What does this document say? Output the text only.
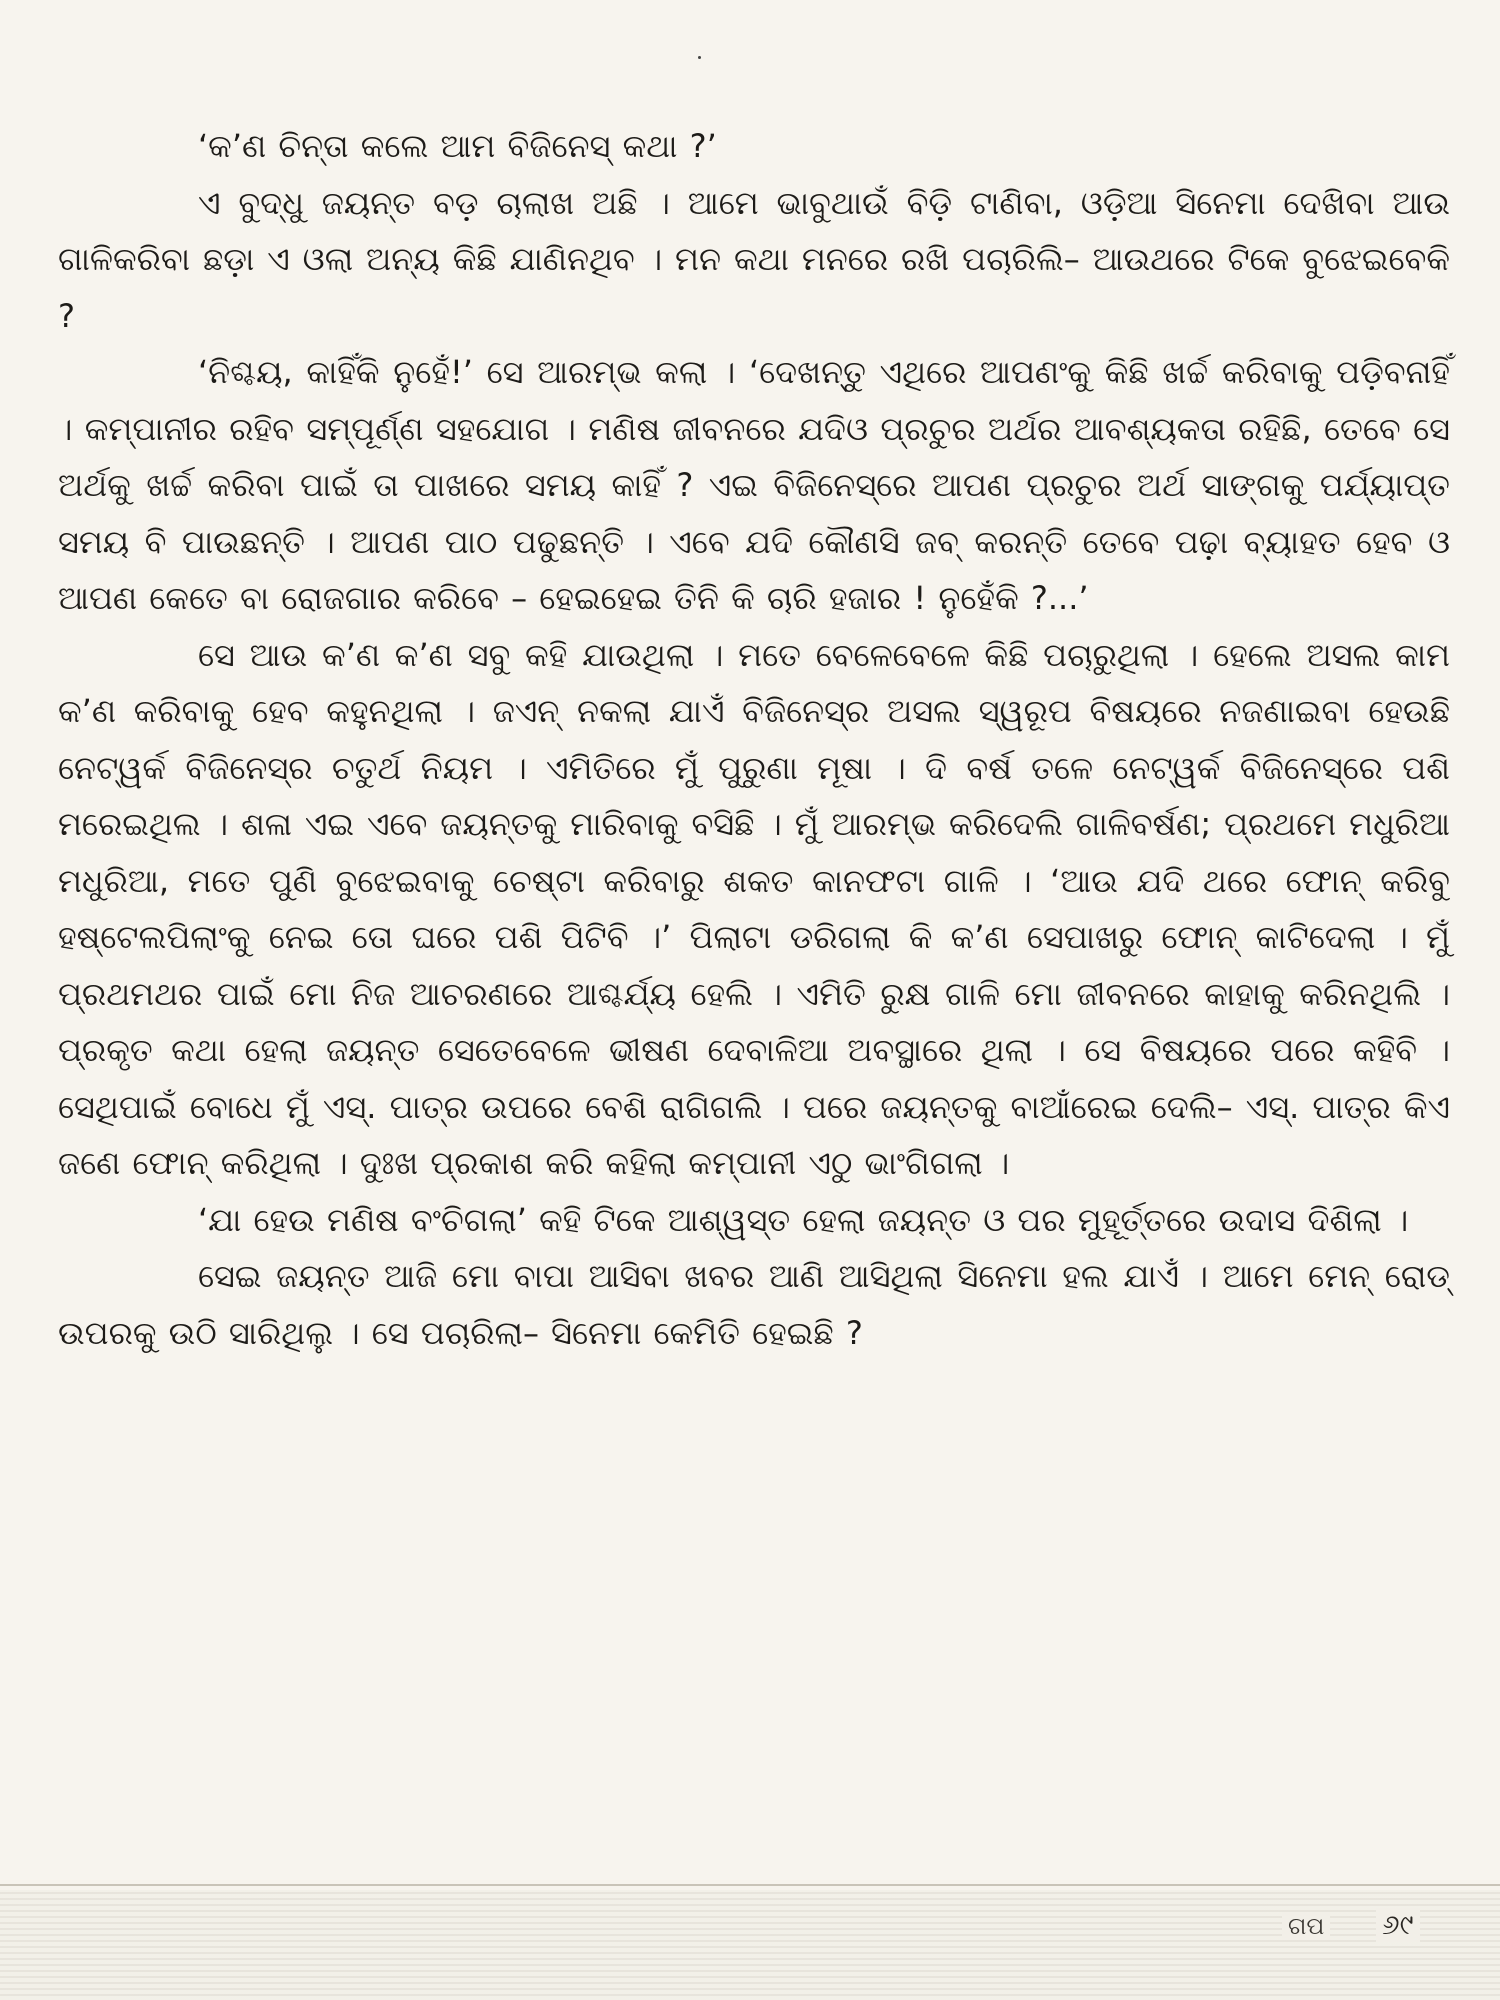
‘କ’ଣ ଚିନ୍ତା କଲେ ଆମ ବିଜିନେସ୍ କଥା ?’

ଏ ବୁଦ୍ଧୁ ଜୟନ୍ତ ବଡ଼ ଚାଲାଖ ଅଛି । ଆମେ ଭାବୁଥାଉଁ ବିଡ଼ି ଟାଣିବା, ଓଡ଼ିଆ ସିନେମା ଦେଖିବା ଆଉ ଗାଳିକରିବା ଛଡ଼ା ଏ ଓଲା ଅନ୍ୟ କିଛି ଯାଣିନଥିବ । ମନ କଥା ମନରେ ରଖି ପଚାରିଲି– ଆଉଥରେ ଟିକେ ବୁଝେଇବେକି ?

‘ନିଶ୍ଚୟ, କାହିଁକି ନୁହେଁ!’ ସେ ଆରମ୍ଭ କଲା । ‘ଦେଖନ୍ତୁ ଏଥିରେ ଆପଣଂକୁ କିଛି ଖର୍ଚ୍ଚ କରିବାକୁ ପଡ଼ିବନାହିଁ । କମ୍ପାନୀର ରହିବ ସମ୍ପୂର୍ଣ୍ଣ ସହଯୋଗ । ମଣିଷ ଜୀବନରେ ଯଦିଓ ପ୍ରଚୁର ଅର୍ଥର ଆବଶ୍ୟକତା ରହିଛି, ତେବେ ସେ ଅର୍ଥକୁ ଖର୍ଚ୍ଚ କରିବା ପାଇଁ ତା ପାଖରେ ସମୟ କାହିଁ ? ଏଇ ବିଜିନେସ୍‌ରେ ଆପଣ ପ୍ରଚୁର ଅର୍ଥ ସାଙ୍ଗକୁ ପର୍ଯ୍ୟାପ୍ତ ସମୟ ବି ପାଉଛନ୍ତି । ଆପଣ ପାଠ ପଢୁଛନ୍ତି । ଏବେ ଯଦି କୌଣସି ଜବ୍ କରନ୍ତି ତେବେ ପଢ଼ା ବ୍ୟାହତ ହେବ ଓ ଆପଣ କେତେ ବା ରୋଜଗାର କରିବେ – ହେଇହେଇ ତିନି କି ଚାରି ହଜାର ! ନୁହେଁକି ?...’

ସେ ଆଉ କ’ଣ କ’ଣ ସବୁ କହି ଯାଉଥିଲା । ମତେ ବେଳେବେଳେ କିଛି ପଚାରୁଥିଲା । ହେଲେ ଅସଲ କାମ କ’ଣ କରିବାକୁ ହେବ କହୁନଥିଲା । ଜଏନ୍ ନକଲା ଯାଏଁ ବିଜିନେସ୍‌ର ଅସଲ ସ୍ୱରୂପ ବିଷୟରେ ନଜଣାଇବା ହେଉଛି ନେଟ୍‌ୱର୍କ ବିଜିନେସ୍‌ର ଚତୁର୍ଥ ନିୟମ । ଏମିତିରେ ମୁଁ ପୁରୁଣା ମୂଷା । ଦି ବର୍ଷ ତଳେ ନେଟ୍‌ୱର୍କ ବିଜିନେସ୍‌ରେ ପଶି ମରେଇଥିଲ । ଶଳା ଏଇ ଏବେ ଜୟନ୍ତକୁ ମାରିବାକୁ ବସିଛି । ମୁଁ ଆରମ୍ଭ କରିଦେଲି ଗାଳିବର୍ଷଣ; ପ୍ରଥମେ ମଧୁରିଆ ମଧୁରିଆ, ମତେ ପୁଣି ବୁଝେଇବାକୁ ଚେଷ୍ଟା କରିବାରୁ ଶକତ କାନଫଟା ଗାଳି । ‘ଆଉ ଯଦି ଥରେ ଫୋନ୍ କରିବୁ ହଷ୍ଟେଲପିଲାଂକୁ ନେଇ ତୋ ଘରେ ପଶି ପିଟିବି ।’ ପିଲାଟା ଡରିଗଲା କି କ’ଣ ସେପାଖରୁ ଫୋନ୍ କାଟିଦେଲା । ମୁଁ ପ୍ରଥମଥର ପାଇଁ ମୋ ନିଜ ଆଚରଣରେ ଆଶ୍ଚର୍ଯ୍ୟ ହେଲି । ଏମିତି ରୁକ୍ଷ ଗାଳି ମୋ ଜୀବନରେ କାହାକୁ କରିନଥିଲି । ପ୍ରକୃତ କଥା ହେଲା ଜୟନ୍ତ ସେତେବେଳେ ଭୀଷଣ ଦେବାଳିଆ ଅବସ୍ଥାରେ ଥିଲା । ସେ ବିଷୟରେ ପରେ କହିବି । ସେଥିପାଇଁ ବୋଧେ ମୁଁ ଏସ୍. ପାତ୍ର ଉପରେ ବେଶି ରାଗିଗଲି । ପରେ ଜୟନ୍ତକୁ ବାଆଁରେଇ ଦେଲି– ଏସ୍. ପାତ୍ର କିଏ ଜଣେ ଫୋନ୍ କରିଥିଲା । ଦୁଃଖ ପ୍ରକାଶ କରି କହିଲା କମ୍ପାନୀ ଏଠୁ ଭାଂଗିଗଲା ।

‘ଯା ହେଉ ମଣିଷ ବଂଚିଗଲା’ କହି ଟିକେ ଆଶ୍ୱସ୍ତ ହେଲା ଜୟନ୍ତ ଓ ପର ମୁହୂର୍ତ୍ତରେ ଉଦାସ ଦିଶିଲା ।

ସେଇ ଜୟନ୍ତ ଆଜି ମୋ ବାପା ଆସିବା ଖବର ଆଣି ଆସିଥିଲା ସିନେମା ହଲ ଯାଏଁ । ଆମେ ମେନ୍ ରୋଡ୍ ଉପରକୁ ଉଠି ସାରିଥିଲୁ । ସେ ପଚାରିଲା– ସିନେମା କେମିତି ହେଇଛି ?

ଗପ ୬୯
